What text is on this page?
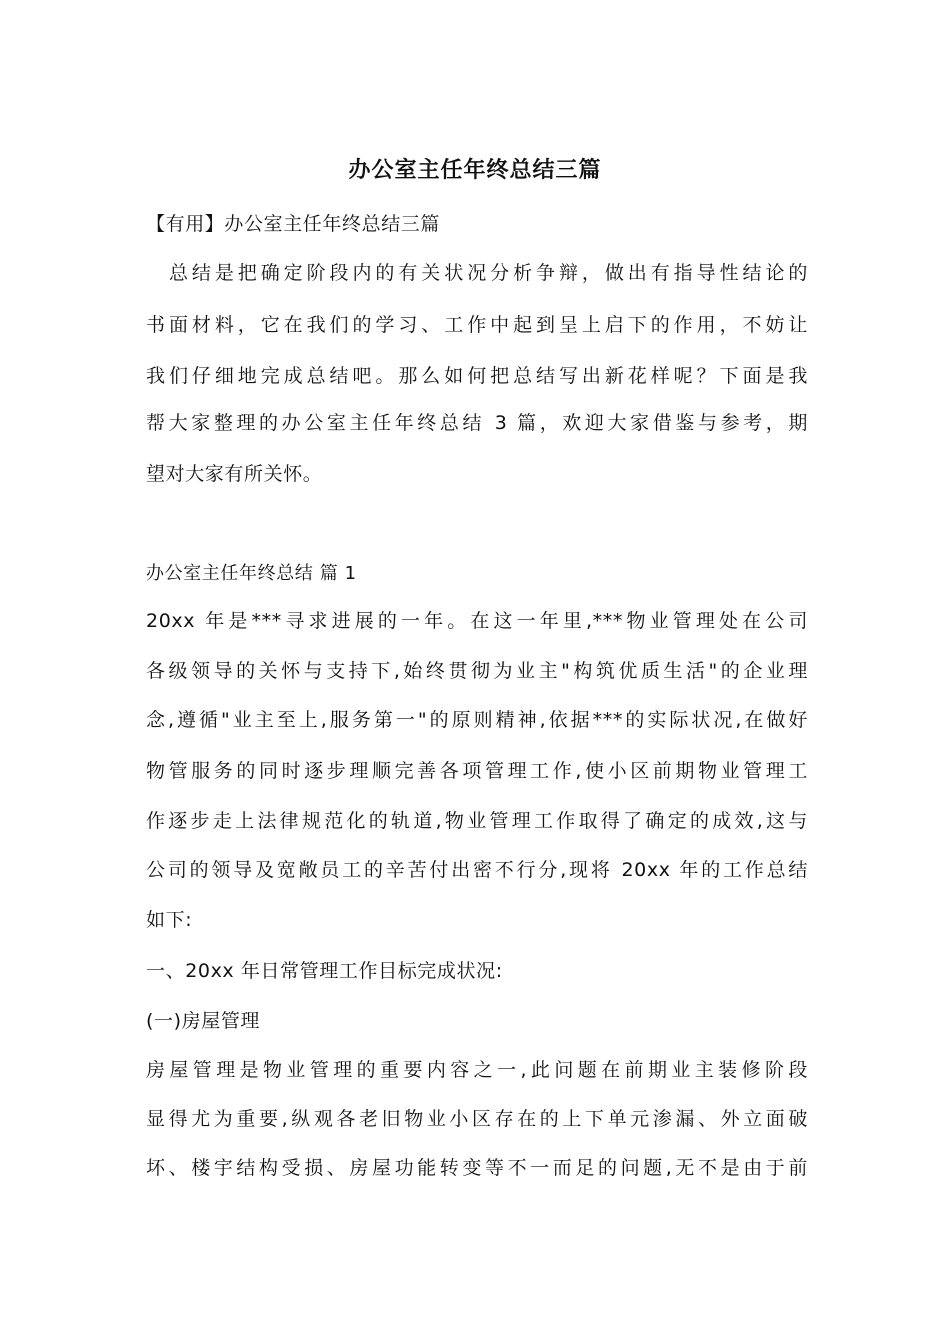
办公室主任年终总结三篇
【有用】办公室主任年终总结三篇
　总结是把确定阶段内的有关状况分析争辩，做出有指导性结论的
书面材料，它在我们的学习、工作中起到呈上启下的作用，不妨让
我们仔细地完成总结吧。那么如何把总结写出新花样呢？下面是我
帮大家整理的办公室主任年终总结 3 篇，欢迎大家借鉴与参考，期
望对大家有所关怀。
办公室主任年终总结 篇 1
20xx 年是***寻求进展的一年。在这一年里,***物业管理处在公司
各级领导的关怀与支持下,始终贯彻为业主"构筑优质生活"的企业理
念,遵循"业主至上,服务第一"的原则精神,依据***的实际状况,在做好
物管服务的同时逐步理顺完善各项管理工作,使小区前期物业管理工
作逐步走上法律规范化的轨道,物业管理工作取得了确定的成效,这与
公司的领导及宽敞员工的辛苦付出密不行分,现将 20xx 年的工作总结
如下:
一、20xx 年日常管理工作目标完成状况:
(一)房屋管理
房屋管理是物业管理的重要内容之一,此问题在前期业主装修阶段
显得尤为重要,纵观各老旧物业小区存在的上下单元渗漏、外立面破
坏、楼宇结构受损、房屋功能转变等不一而足的问题,无不是由于前
